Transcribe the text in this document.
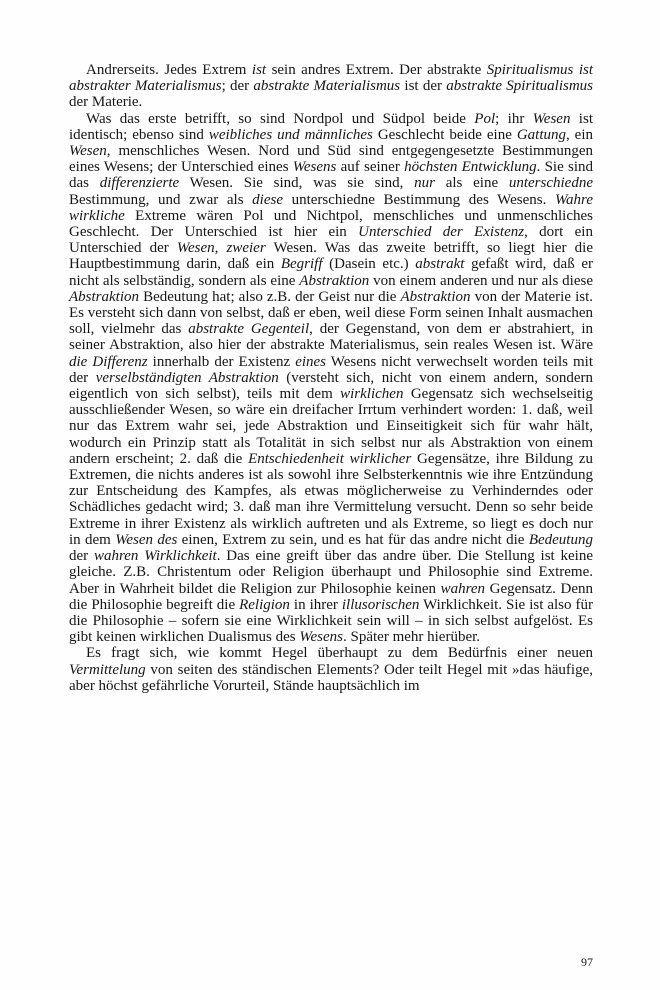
Andrerseits. Jedes Extrem ist sein andres Extrem. Der abstrakte Spiritualismus ist abstrakter Materialismus; der abstrakte Materialismus ist der abstrakte Spiritualismus der Materie.

Was das erste betrifft, so sind Nordpol und Südpol beide Pol; ihr Wesen ist identisch; ebenso sind weibliches und männliches Geschlecht beide eine Gattung, ein Wesen, menschliches Wesen. Nord und Süd sind entgegengesetzte Bestimmungen eines Wesens; der Unterschied eines Wesens auf seiner höchsten Entwicklung. Sie sind das differenzierte Wesen. Sie sind, was sie sind, nur als eine unterschiedne Bestimmung, und zwar als diese unterschiedne Bestimmung des Wesens. Wahre wirkliche Extreme wären Pol und Nichtpol, menschliches und unmenschliches Geschlecht. Der Unterschied ist hier ein Unterschied der Existenz, dort ein Unterschied der Wesen, zweier Wesen. Was das zweite betrifft, so liegt hier die Hauptbestimmung darin, daß ein Begriff (Dasein etc.) abstrakt gefaßt wird, daß er nicht als selbständig, sondern als eine Abstraktion von einem anderen und nur als diese Abstraktion Bedeutung hat; also z.B. der Geist nur die Abstraktion von der Materie ist. Es versteht sich dann von selbst, daß er eben, weil diese Form seinen Inhalt ausmachen soll, vielmehr das abstrakte Gegenteil, der Gegenstand, von dem er abstrahiert, in seiner Abstraktion, also hier der abstrakte Materialismus, sein reales Wesen ist. Wäre die Differenz innerhalb der Existenz eines Wesens nicht verwechselt worden teils mit der verselbständigten Abstraktion (versteht sich, nicht von einem andern, sondern eigentlich von sich selbst), teils mit dem wirklichen Gegensatz sich wechselseitig ausschließender Wesen, so wäre ein dreifacher Irrtum verhindert worden: 1. daß, weil nur das Extrem wahr sei, jede Abstraktion und Einseitigkeit sich für wahr hält, wodurch ein Prinzip statt als Totalität in sich selbst nur als Abstraktion von einem andern erscheint; 2. daß die Entschiedenheit wirklicher Gegensätze, ihre Bildung zu Extremen, die nichts anderes ist als sowohl ihre Selbsterkenntnis wie ihre Entzündung zur Entscheidung des Kampfes, als etwas möglicherweise zu Verhinderndes oder Schädliches gedacht wird; 3. daß man ihre Vermittelung versucht. Denn so sehr beide Extreme in ihrer Existenz als wirklich auftreten und als Extreme, so liegt es doch nur in dem Wesen des einen, Extrem zu sein, und es hat für das andre nicht die Bedeutung der wahren Wirklichkeit. Das eine greift über das andre über. Die Stellung ist keine gleiche. Z.B. Christentum oder Religion überhaupt und Philosophie sind Extreme. Aber in Wahrheit bildet die Religion zur Philosophie keinen wahren Gegensatz. Denn die Philosophie begreift die Religion in ihrer illusorischen Wirklichkeit. Sie ist also für die Philosophie – sofern sie eine Wirklichkeit sein will – in sich selbst aufgelöst. Es gibt keinen wirklichen Dualismus des Wesens. Später mehr hierüber.

Es fragt sich, wie kommt Hegel überhaupt zu dem Bedürfnis einer neuen Vermittelung von seiten des ständischen Elements? Oder teilt Hegel mit »das häufige, aber höchst gefährliche Vorurteil, Stände hauptsächlich im

97
